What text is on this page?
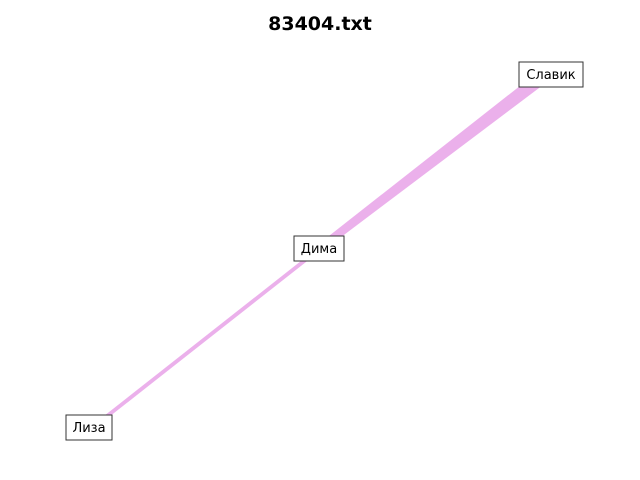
83404.txt
Славик
Дима
Лиза
